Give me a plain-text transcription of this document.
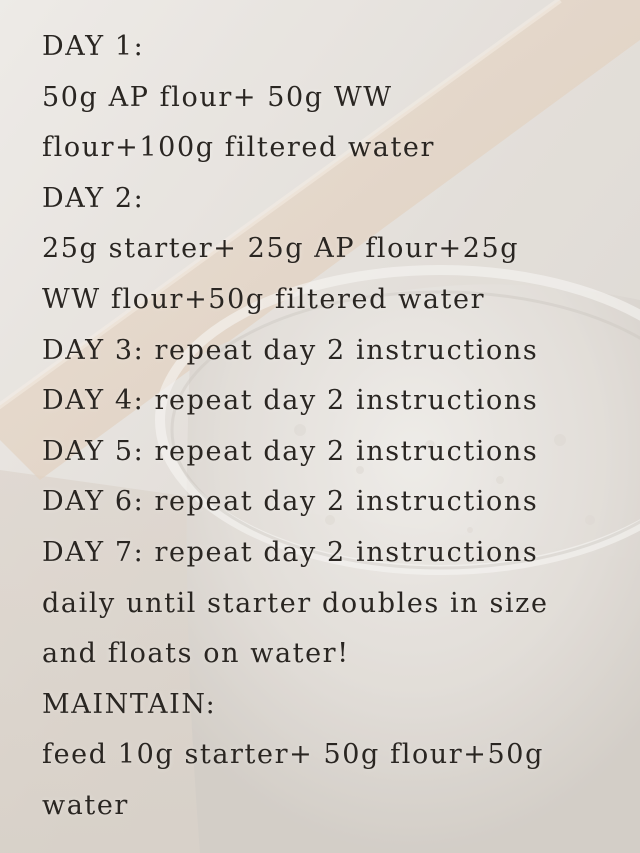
DAY 1:
50g AP flour+ 50g WW
flour+100g filtered water
DAY 2:
25g starter+ 25g AP flour+25g
WW flour+50g filtered water
DAY 3: repeat day 2 instructions
DAY 4: repeat day 2 instructions
DAY 5: repeat day 2 instructions
DAY 6: repeat day 2 instructions
DAY 7: repeat day 2 instructions
daily until starter doubles in size
and floats on water!
MAINTAIN:
feed 10g starter+ 50g flour+50g
water
